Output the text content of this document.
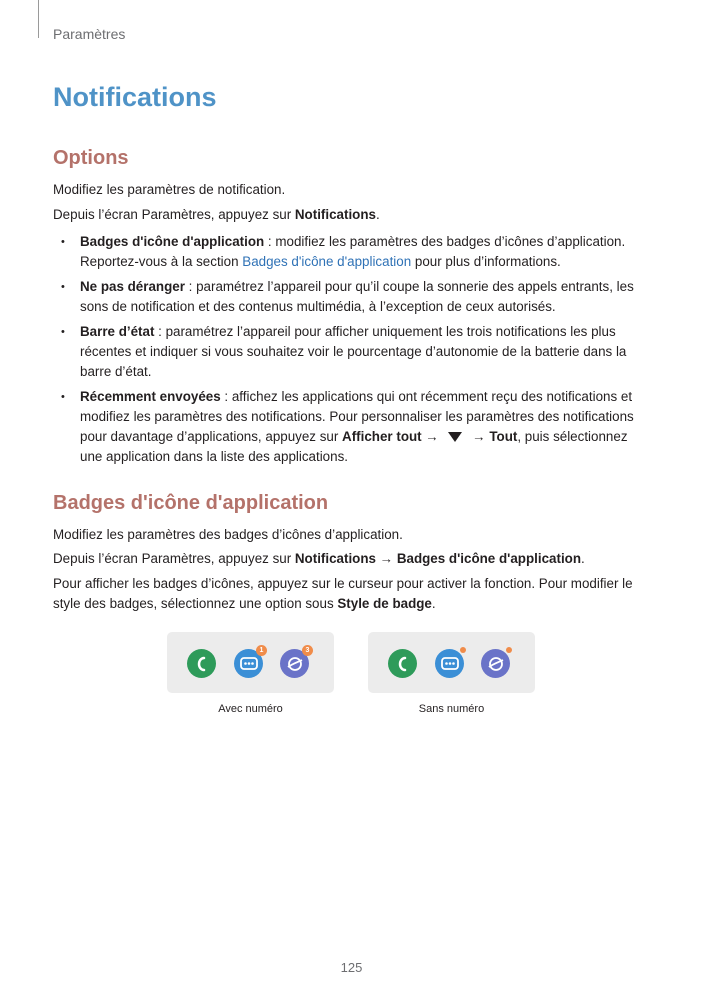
Paramètres
Notifications
Options

Modifiez les paramètres de notification.

Depuis l’écran Paramètres, appuyez sur Notifications.

• Badges d'icône d'application : modifiez les paramètres des badges d’icônes d’application. Reportez-vous à la section Badges d'icône d'application pour plus d’informations.
• Ne pas déranger : paramétrez l’appareil pour qu’il coupe la sonnerie des appels entrants, les sons de notification et des contenus multimédia, à l’exception de ceux autorisés.
• Barre d’état : paramétrez l’appareil pour afficher uniquement les trois notifications les plus récentes et indiquer si vous souhaitez voir le pourcentage d’autonomie de la batterie dans la barre d’état.
• Récemment envoyées : affichez les applications qui ont récemment reçu des notifications et modifiez les paramètres des notifications. Pour personnaliser les paramètres des notifications pour davantage d’applications, appuyez sur Afficher tout →  → Tout, puis sélectionnez une application dans la liste des applications.
Badges d'icône d'application

Modifiez les paramètres des badges d’icônes d’application.

Depuis l’écran Paramètres, appuyez sur Notifications → Badges d'icône d'application.

Pour afficher les badges d’icônes, appuyez sur le curseur pour activer la fonction. Pour modifier le style des badges, sélectionnez une option sous Style de badge.

1	3
Avec numéro	Sans numéro
125
